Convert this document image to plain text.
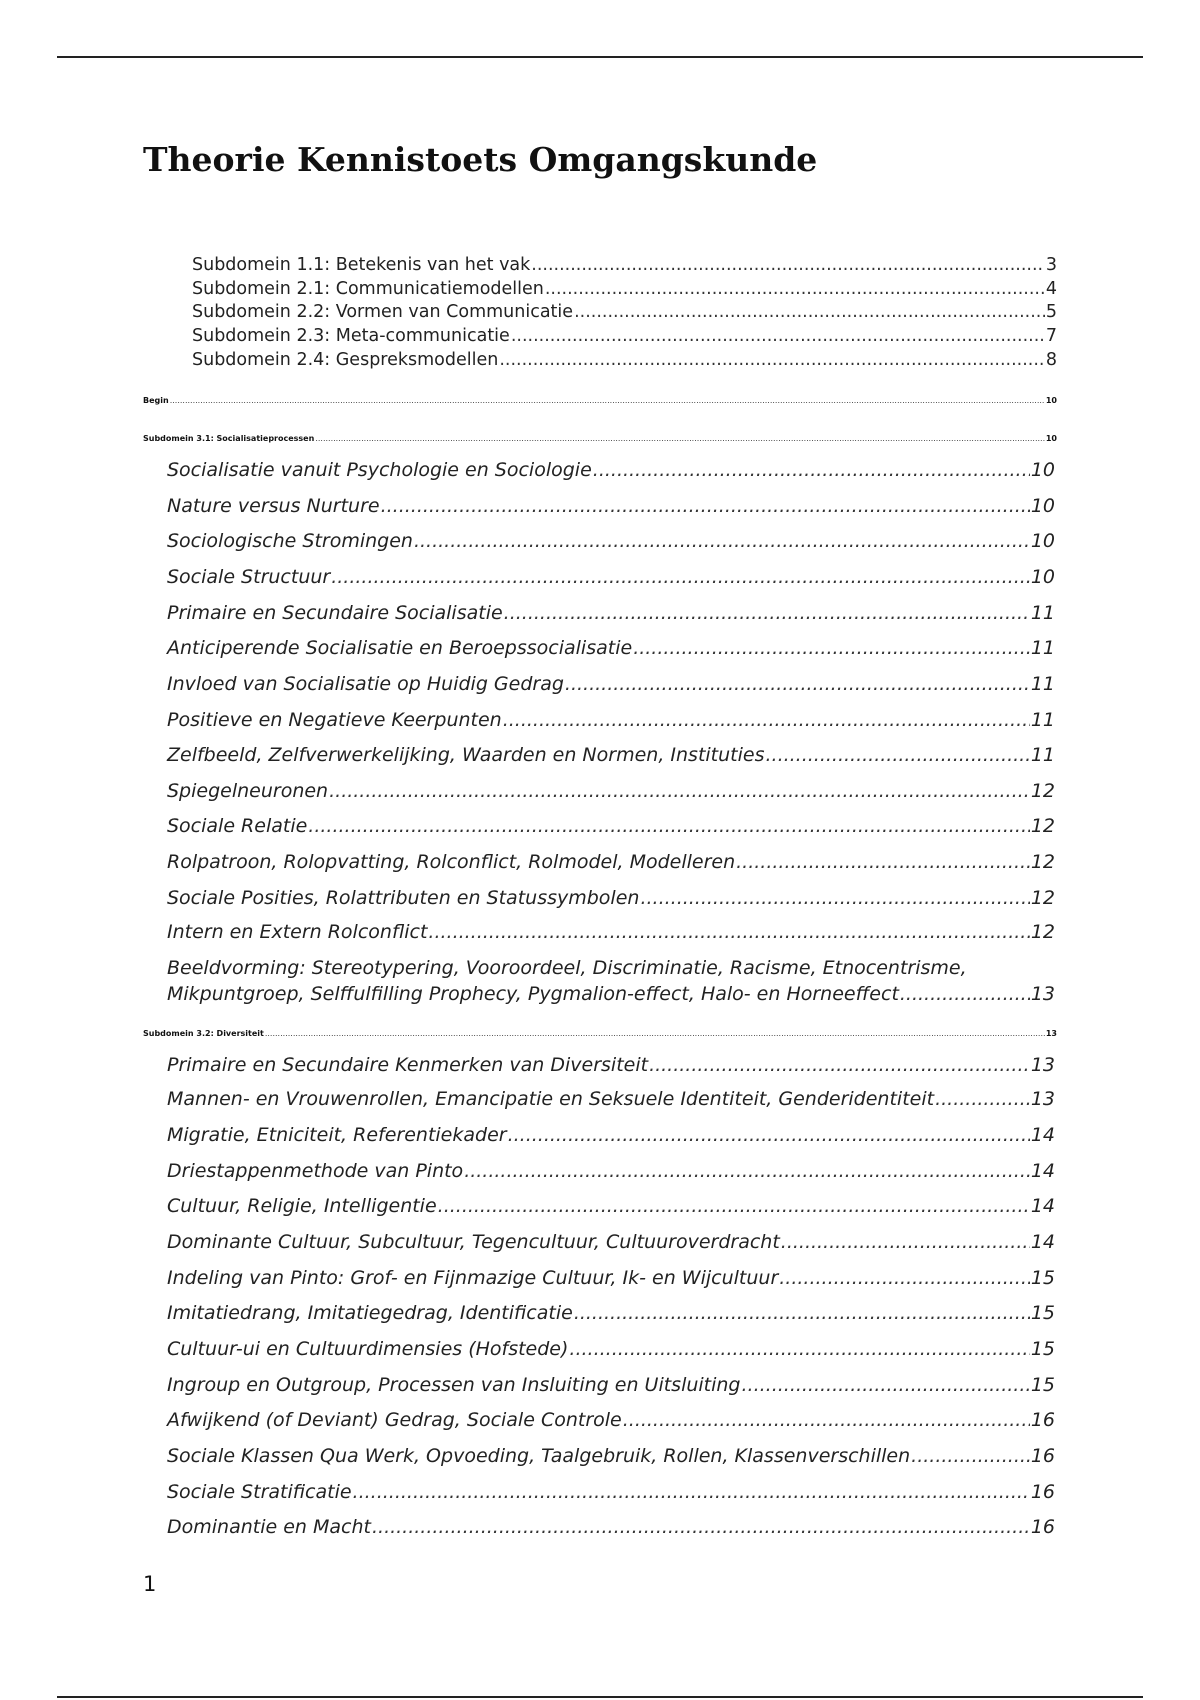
Theorie Kennistoets Omgangskunde
Subdomein 1.1: Betekenis van het vak .....	3
Subdomein 2.1: Communicatiemodellen .....	4
Subdomein 2.2: Vormen van Communicatie .....	5
Subdomein 2.3: Meta-communicatie .....	7
Subdomein 2.4: Gespreksmodellen .....	8
Begin .....	10
Subdomein 3.1: Socialisatieprocessen .....	10
Socialisatie vanuit Psychologie en Sociologie .....	10
Nature versus Nurture .....	10
Sociologische Stromingen .....	10
Sociale Structuur .....	10
Primaire en Secundaire Socialisatie .....	11
Anticiperende Socialisatie en Beroepssocialisatie .....	11
Invloed van Socialisatie op Huidig Gedrag .....	11
Positieve en Negatieve Keerpunten .....	11
Zelfbeeld, Zelfverwerkelijking, Waarden en Normen, Instituties .....	11
Spiegelneuronen .....	12
Sociale Relatie .....	12
Rolpatroon, Rolopvatting, Rolconflict, Rolmodel, Modelleren .....	12
Sociale Posities, Rolattributen en Statussymbolen .....	12
Intern en Extern Rolconflict .....	12
Beeldvorming: Stereotypering, Vooroordeel, Discriminatie, Racisme, Etnocentrisme,
Mikpuntgroep, Selffulfilling Prophecy, Pygmalion-effect, Halo- en Horneeffect .....	13
Subdomein 3.2: Diversiteit .....	13
Primaire en Secundaire Kenmerken van Diversiteit .....	13
Mannen- en Vrouwenrollen, Emancipatie en Seksuele Identiteit, Genderidentiteit .....	13
Migratie, Etniciteit, Referentiekader .....	14
Driestappenmethode van Pinto .....	14
Cultuur, Religie, Intelligentie .....	14
Dominante Cultuur, Subcultuur, Tegencultuur, Cultuuroverdracht .....	14
Indeling van Pinto: Grof- en Fijnmazige Cultuur, Ik- en Wijcultuur .....	15
Imitatiedrang, Imitatiegedrag, Identificatie .....	15
Cultuur-ui en Cultuurdimensies (Hofstede) .....	15
Ingroup en Outgroup, Processen van Insluiting en Uitsluiting .....	15
Afwijkend (of Deviant) Gedrag, Sociale Controle .....	16
Sociale Klassen Qua Werk, Opvoeding, Taalgebruik, Rollen, Klassenverschillen .....	16
Sociale Stratificatie .....	16
Dominantie en Macht .....	16
1
